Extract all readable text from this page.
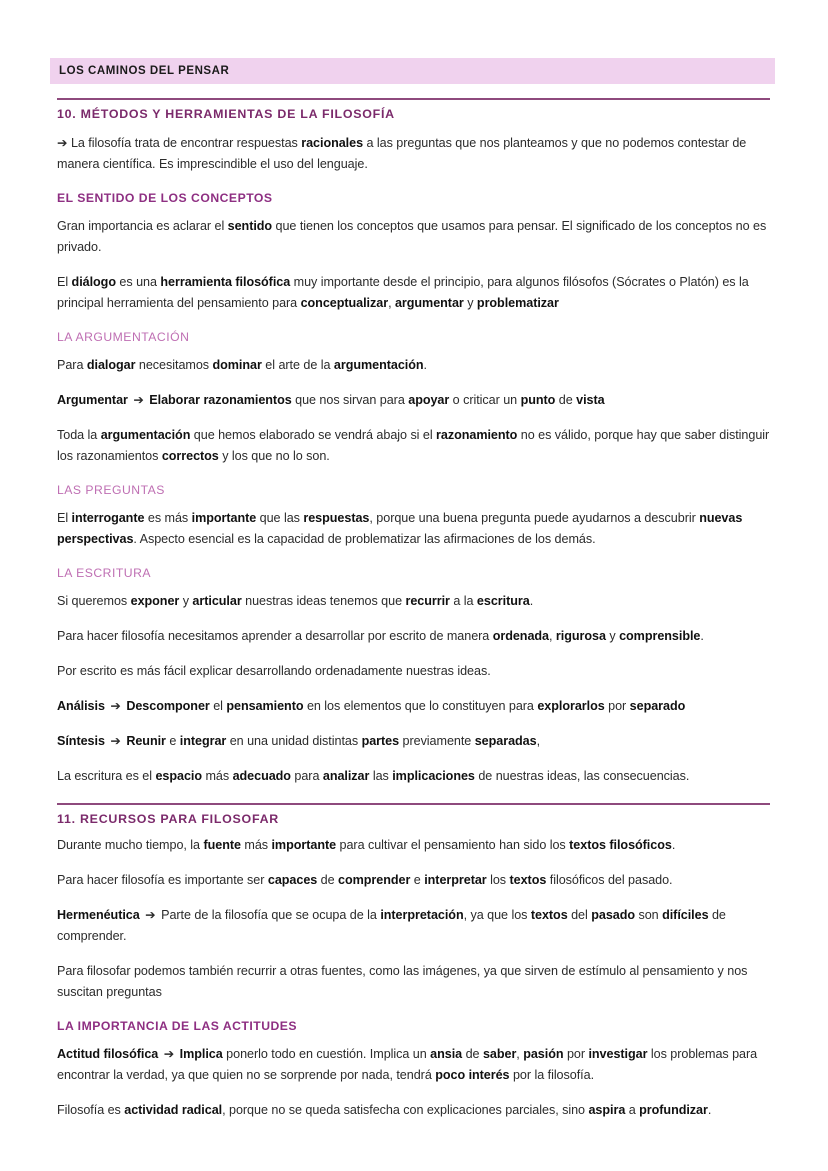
LOS CAMINOS DEL PENSAR
10. MÉTODOS Y HERRAMIENTAS DE LA FILOSOFÍA

➔ La filosofía trata de encontrar respuestas racionales a las preguntas que nos planteamos y que no podemos contestar de manera científica. Es imprescindible el uso del lenguaje.

EL SENTIDO DE LOS CONCEPTOS

Gran importancia es aclarar el sentido que tienen los conceptos que usamos para pensar. El significado de los conceptos no es privado.

El diálogo es una herramienta filosófica muy importante desde el principio, para algunos filósofos (Sócrates o Platón) es la principal herramienta del pensamiento para conceptualizar, argumentar y problematizar

LA ARGUMENTACIÓN

Para dialogar necesitamos dominar el arte de la argumentación.

Argumentar ➔ Elaborar razonamientos que nos sirvan para apoyar o criticar un punto de vista

Toda la argumentación que hemos elaborado se vendrá abajo si el razonamiento no es válido, porque hay que saber distinguir los razonamientos correctos y los que no lo son.

LAS PREGUNTAS

El interrogante es más importante que las respuestas, porque una buena pregunta puede ayudarnos a descubrir nuevas perspectivas. Aspecto esencial es la capacidad de problematizar las afirmaciones de los demás.

LA ESCRITURA

Si queremos exponer y articular nuestras ideas tenemos que recurrir a la escritura.

Para hacer filosofía necesitamos aprender a desarrollar por escrito de manera ordenada, rigurosa y comprensible.

Por escrito es más fácil explicar desarrollando ordenadamente nuestras ideas.

Análisis ➔ Descomponer el pensamiento en los elementos que lo constituyen para explorarlos por separado

Síntesis ➔ Reunir e integrar en una unidad distintas partes previamente separadas,

La escritura es el espacio más adecuado para analizar las implicaciones de nuestras ideas, las consecuencias.

11. RECURSOS PARA FILOSOFAR

Durante mucho tiempo, la fuente más importante para cultivar el pensamiento han sido los textos filosóficos.

Para hacer filosofía es importante ser capaces de comprender e interpretar los textos filosóficos del pasado.

Hermenéutica ➔ Parte de la filosofía que se ocupa de la interpretación, ya que los textos del pasado son difíciles de comprender.

Para filosofar podemos también recurrir a otras fuentes, como las imágenes, ya que sirven de estímulo al pensamiento y nos suscitan preguntas

LA IMPORTANCIA DE LAS ACTITUDES

Actitud filosófica ➔ Implica ponerlo todo en cuestión. Implica un ansia de saber, pasión por investigar los problemas para encontrar la verdad, ya que quien no se sorprende por nada, tendrá poco interés por la filosofía.

Filosofía es actividad radical, porque no se queda satisfecha con explicaciones parciales, sino aspira a profundizar.
